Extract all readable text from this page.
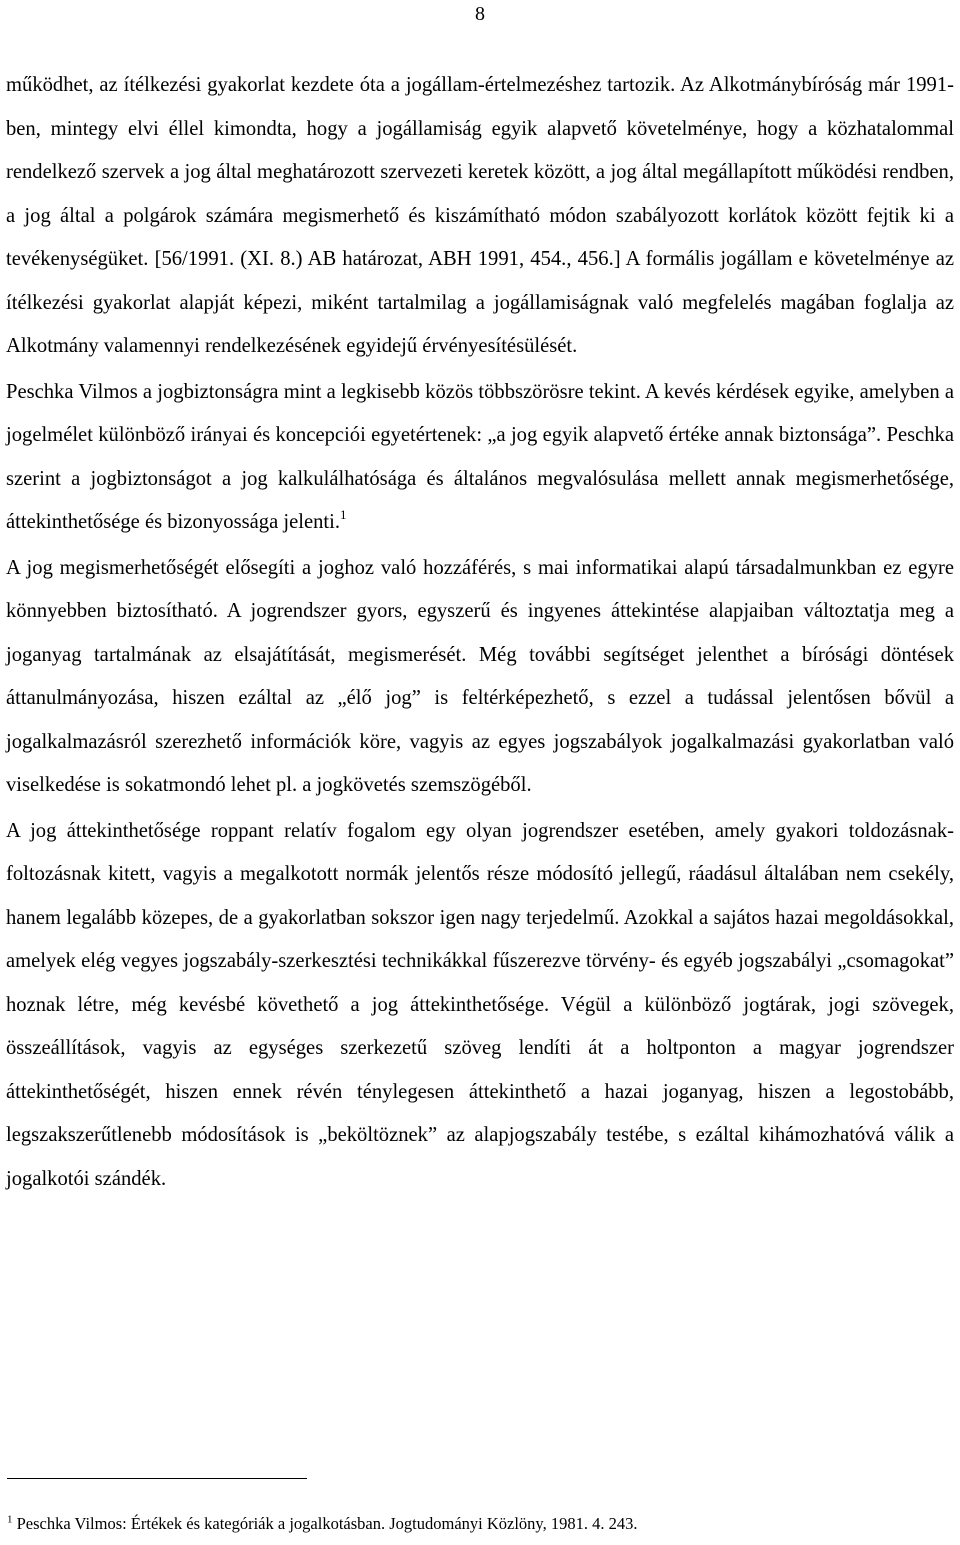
8

működhet, az ítélkezési gyakorlat kezdete óta a jogállam-értelmezéshez tartozik. Az Alkotmánybíróság már 1991-ben, mintegy elvi éllel kimondta, hogy a jogállamiság egyik alapvető követelménye, hogy a közhatalommal rendelkező szervek a jog által meghatározott szervezeti keretek között, a jog által megállapított működési rendben, a jog által a polgárok számára megismerhető és kiszámítható módon szabályozott korlátok között fejtik ki a tevékenységüket. [56/1991. (XI. 8.) AB határozat, ABH 1991, 454., 456.] A formális jogállam e követelménye az ítélkezési gyakorlat alapját képezi, miként tartalmilag a jogállamiságnak való megfelelés magában foglalja az Alkotmány valamennyi rendelkezésének egyidejű érvényesítésülését.

Peschka Vilmos a jogbiztonságra mint a legkisebb közös többszörösre tekint. A kevés kérdések egyike, amelyben a jogelmélet különböző irányai és koncepciói egyetértenek: „a jog egyik alapvető értéke annak biztonsága”. Peschka szerint a jogbiztonságot a jog kalkulálhatósága és általános megvalósulása mellett annak megismerhetősége, áttekinthetősége és bizonyossága jelenti.$^1$

A jog megismerhetőségét elősegíti a joghoz való hozzáférés, s mai informatikai alapú társadalmunkban ez egyre könnyebben biztosítható. A jogrendszer gyors, egyszerű és ingyenes áttekintése alapjaiban változtatja meg a joganyag tartalmának az elsajátítását, megismerését. Még további segítséget jelenthet a bírósági döntések áttanulmányozása, hiszen ezáltal az „élő jog” is feltérképezhető, s ezzel a tudással jelentősen bővül a jogalkalmazásról szerezhető információk köre, vagyis az egyes jogszabályok jogalkalmazási gyakorlatban való viselkedése is sokatmondó lehet pl. a jogkövetés szemszögéből.

A jog áttekinthetősége roppant relatív fogalom egy olyan jogrendszer esetében, amely gyakori toldozásnak-foltozásnak kitett, vagyis a megalkotott normák jelentős része módosító jellegű, ráadásul általában nem csekély, hanem legalább közepes, de a gyakorlatban sokszor igen nagy terjedelmű. Azokkal a sajátos hazai megoldásokkal, amelyek elég vegyes jogszabály-szerkesztési technikákkal fűszerezve törvény- és egyéb jogszabályi „csomagokat” hoznak létre, még kevésbé követhető a jog áttekinthetősége. Végül a különböző jogtárak, jogi szövegek, összeállítások, vagyis az egységes szerkezetű szöveg lendíti át a holtponton a magyar jogrendszer áttekinthetőségét, hiszen ennek révén ténylegesen áttekinthető a hazai joganyag, hiszen a legostobább, legszakszerűtlenebb módosítások is „beköltöznek” az alapjogszabály testébe, s ezáltal kihámozhatóvá válik a jogalkotói szándék.

$^1$ Peschka Vilmos: Értékek és kategóriák a jogalkotásban. Jogtudományi Közlöny, 1981. 4. 243.
